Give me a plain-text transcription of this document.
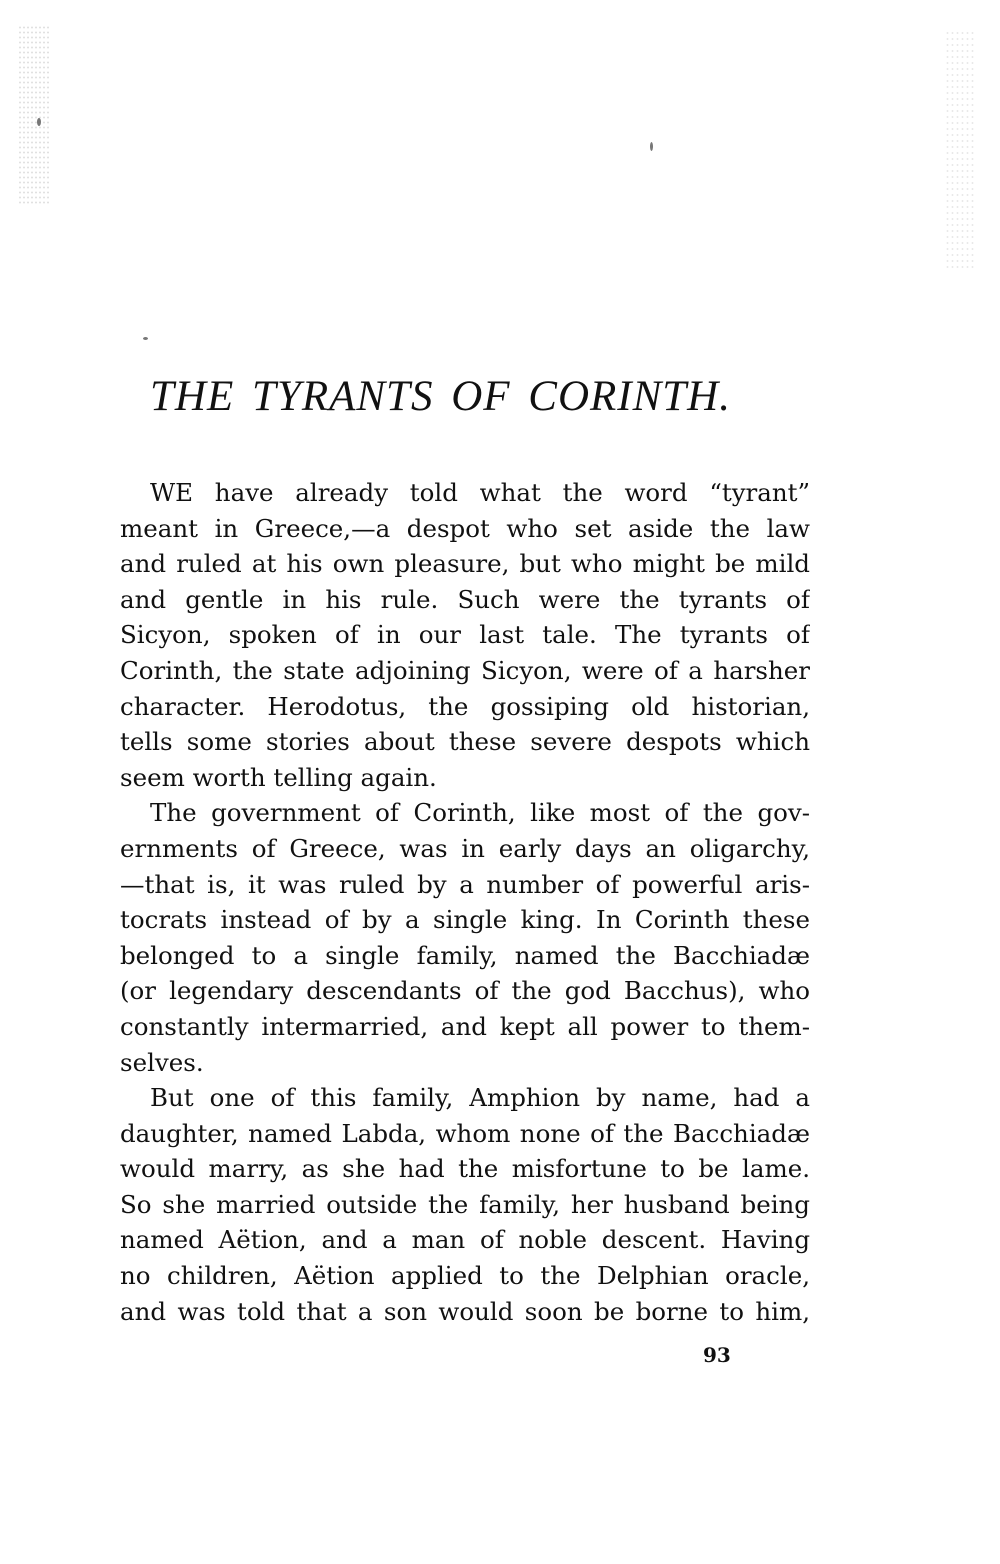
THE TYRANTS OF CORINTH.
WE have already told what the word “tyrant”
meant in Greece,—a despot who set aside the law
and ruled at his own pleasure, but who might be mild
and gentle in his rule. Such were the tyrants of
Sicyon, spoken of in our last tale. The tyrants of
Corinth, the state adjoining Sicyon, were of a harsher
character. Herodotus, the gossiping old historian,
tells some stories about these severe despots which
seem worth telling again.
The government of Corinth, like most of the gov-
ernments of Greece, was in early days an oligarchy,
—that is, it was ruled by a number of powerful aris-
tocrats instead of by a single king. In Corinth these
belonged to a single family, named the Bacchiadæ
(or legendary descendants of the god Bacchus), who
constantly intermarried, and kept all power to them-
selves.
But one of this family, Amphion by name, had a
daughter, named Labda, whom none of the Bacchiadæ
would marry, as she had the misfortune to be lame.
So she married outside the family, her husband being
named Aëtion, and a man of noble descent. Having
no children, Aëtion applied to the Delphian oracle,
and was told that a son would soon be borne to him,

93
